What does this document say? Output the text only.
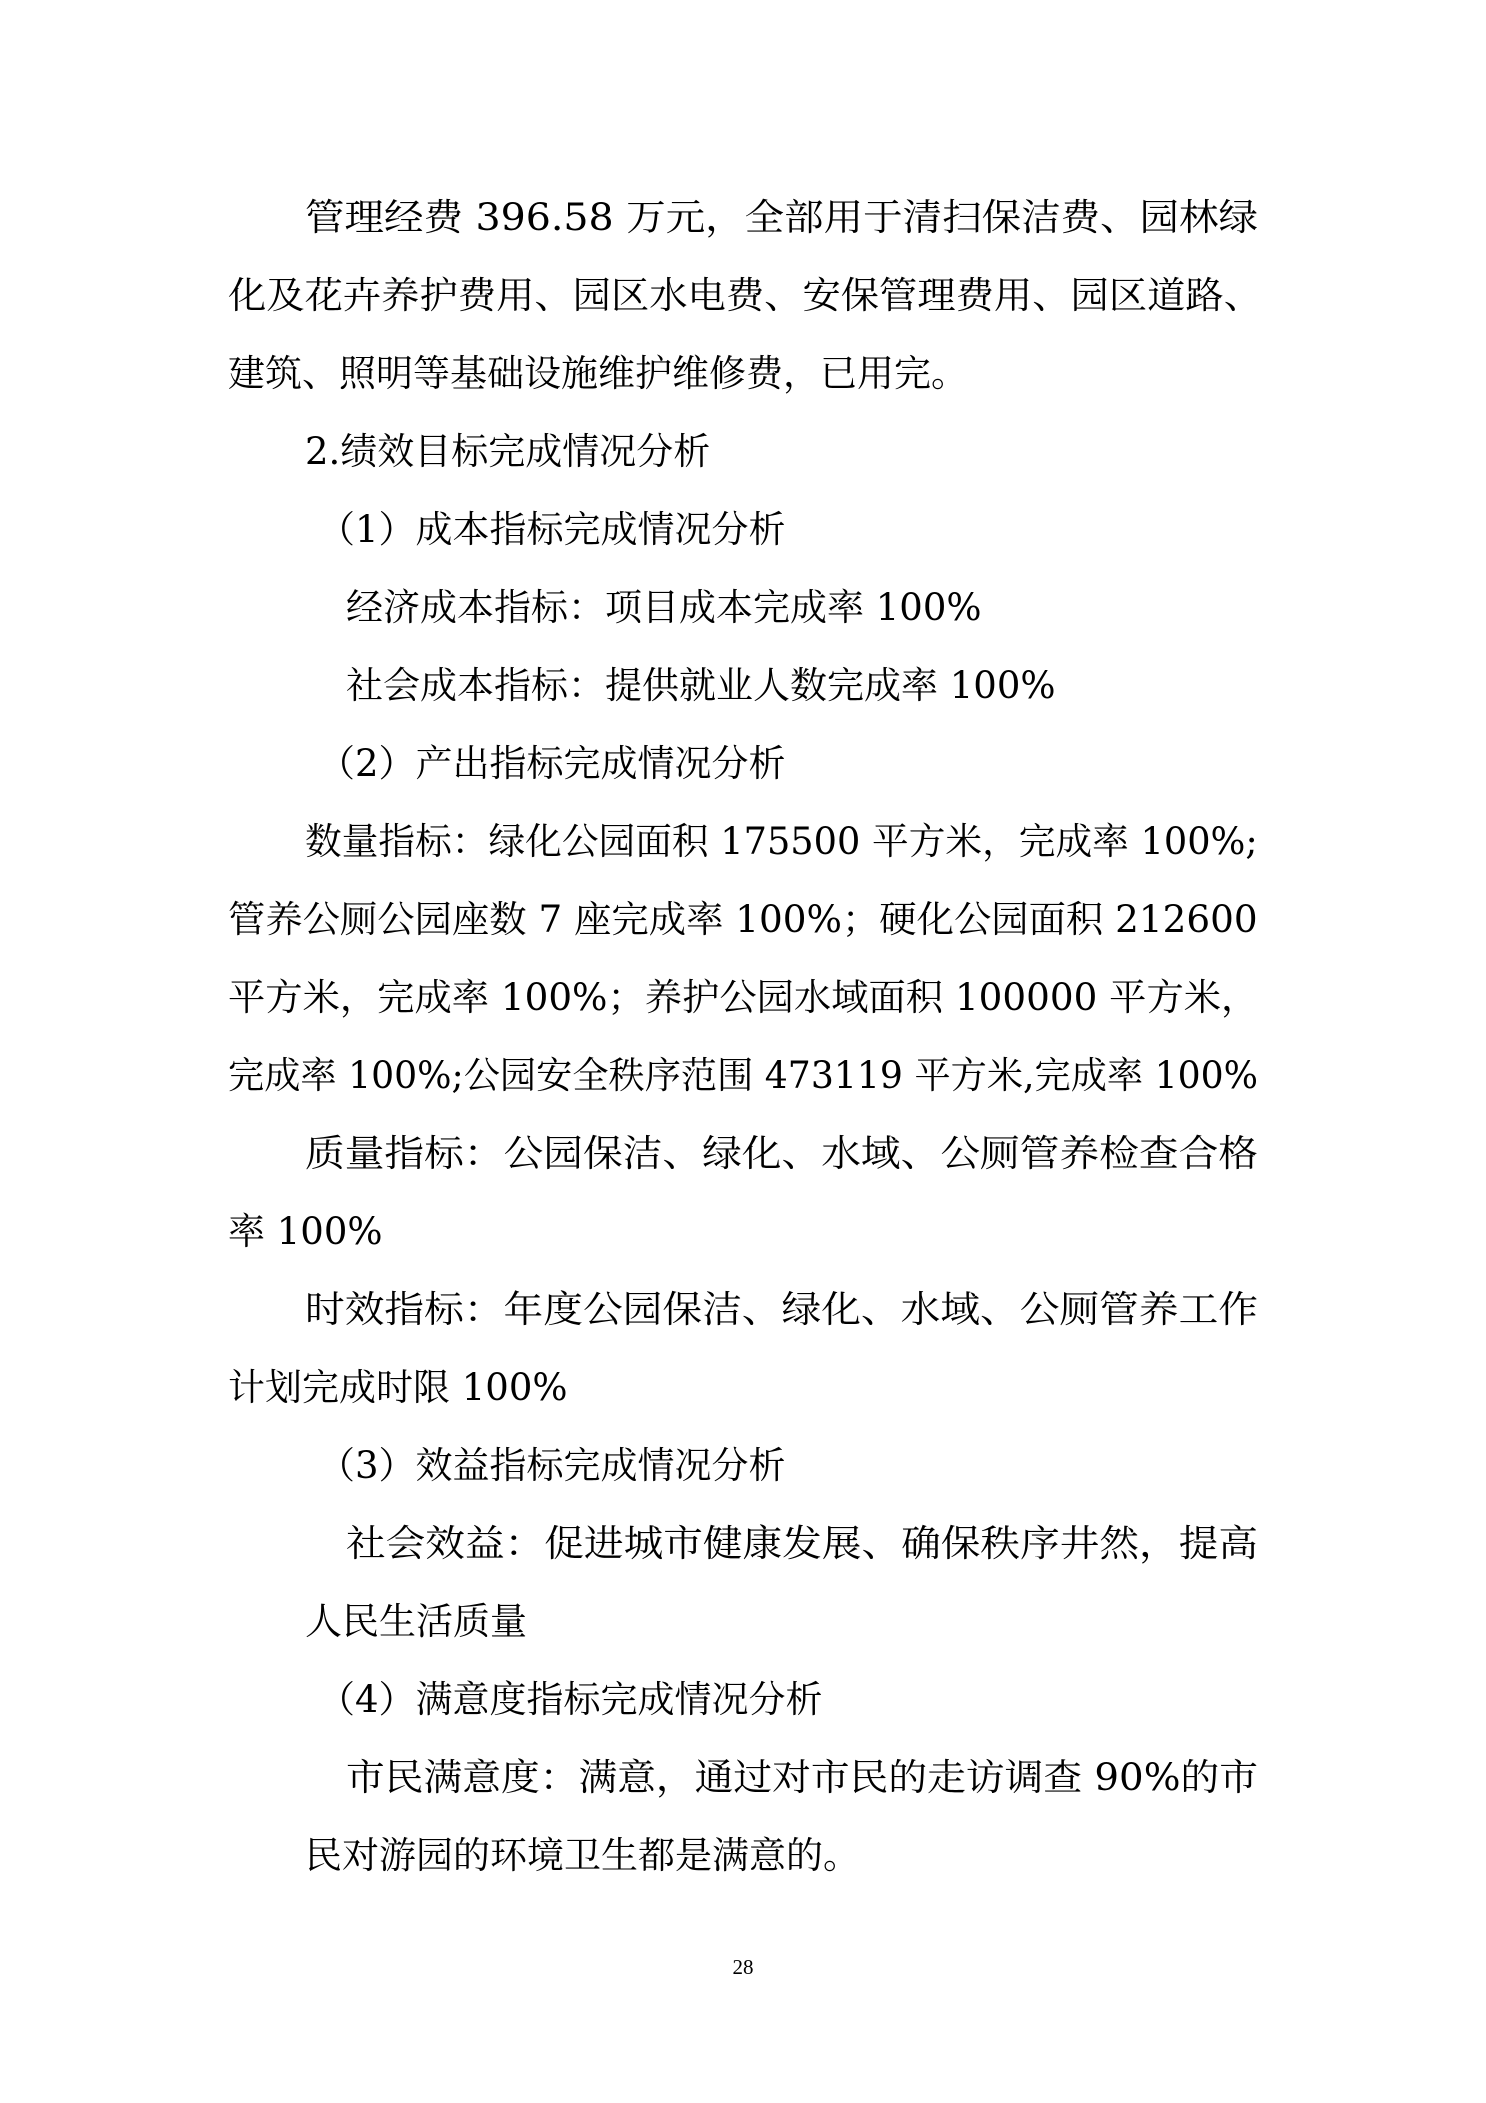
管理经费 396.58 万元，全部用于清扫保洁费、园林绿
化及花卉养护费用、园区水电费、安保管理费用、园区道路、
建筑、照明等基础设施维护维修费，已用完。
2.绩效目标完成情况分析
（1）成本指标完成情况分析
经济成本指标：项目成本完成率 100%
社会成本指标：提供就业人数完成率 100%
（2）产出指标完成情况分析
数量指标：绿化公园面积 175500 平方米，完成率 100%;
管养公厕公园座数 7 座完成率 100%；硬化公园面积 212600
平方米，完成率 100%；养护公园水域面积 100000 平方米，
完成率 100%;公园安全秩序范围 473119 平方米,完成率 100%
质量指标：公园保洁、绿化、水域、公厕管养检查合格
率 100%
时效指标：年度公园保洁、绿化、水域、公厕管养工作
计划完成时限 100%
（3）效益指标完成情况分析
社会效益：促进城市健康发展、确保秩序井然，提高
人民生活质量
（4）满意度指标完成情况分析
市民满意度：满意，通过对市民的走访调查 90%的市
民对游园的环境卫生都是满意的。
28
